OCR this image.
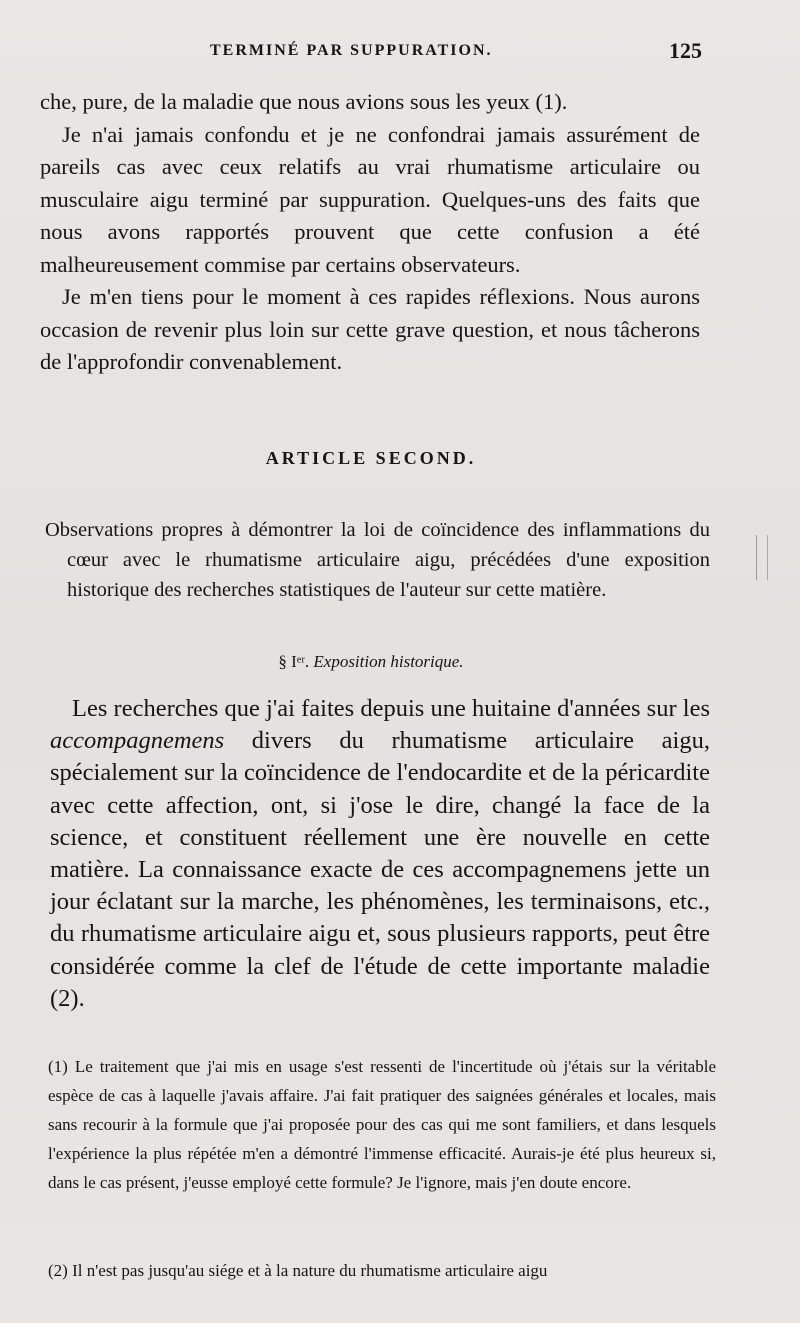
TERMINÉ PAR SUPPURATION.	125

che, pure, de la maladie que nous avions sous les yeux (1).

Je n'ai jamais confondu et je ne confondrai jamais assurément de pareils cas avec ceux relatifs au vrai rhumatisme articulaire ou musculaire aigu terminé par suppuration. Quelques-uns des faits que nous avons rapportés prouvent que cette confusion a été malheureusement commise par certains observateurs.

Je m'en tiens pour le moment à ces rapides réflexions. Nous aurons occasion de revenir plus loin sur cette grave question, et nous tâcherons de l'approfondir convenablement.

ARTICLE SECOND.

Observations propres à démontrer la loi de coïncidence des inflammations du cœur avec le rhumatisme articulaire aigu, précédées d'une exposition historique des recherches statistiques de l'auteur sur cette matière.

§ Iᵉʳ. Exposition historique.

Les recherches que j'ai faites depuis une huitaine d'années sur les accompagnemens divers du rhumatisme articulaire aigu, spécialement sur la coïncidence de l'endocardite et de la péricardite avec cette affection, ont, si j'ose le dire, changé la face de la science, et constituent réellement une ère nouvelle en cette matière. La connaissance exacte de ces accompagnemens jette un jour éclatant sur la marche, les phénomènes, les terminaisons, etc., du rhumatisme articulaire aigu et, sous plusieurs rapports, peut être considérée comme la clef de l'étude de cette importante maladie (2).

(1) Le traitement que j'ai mis en usage s'est ressenti de l'incertitude où j'étais sur la véritable espèce de cas à laquelle j'avais affaire. J'ai fait pratiquer des saignées générales et locales, mais sans recourir à la formule que j'ai proposée pour des cas qui me sont familiers, et dans lesquels l'expérience la plus répétée m'en a démontré l'immense efficacité. Aurais-je été plus heureux si, dans le cas présent, j'eusse employé cette formule? Je l'ignore, mais j'en doute encore.

(2) Il n'est pas jusqu'au siége et à la nature du rhumatisme articulaire aigu
